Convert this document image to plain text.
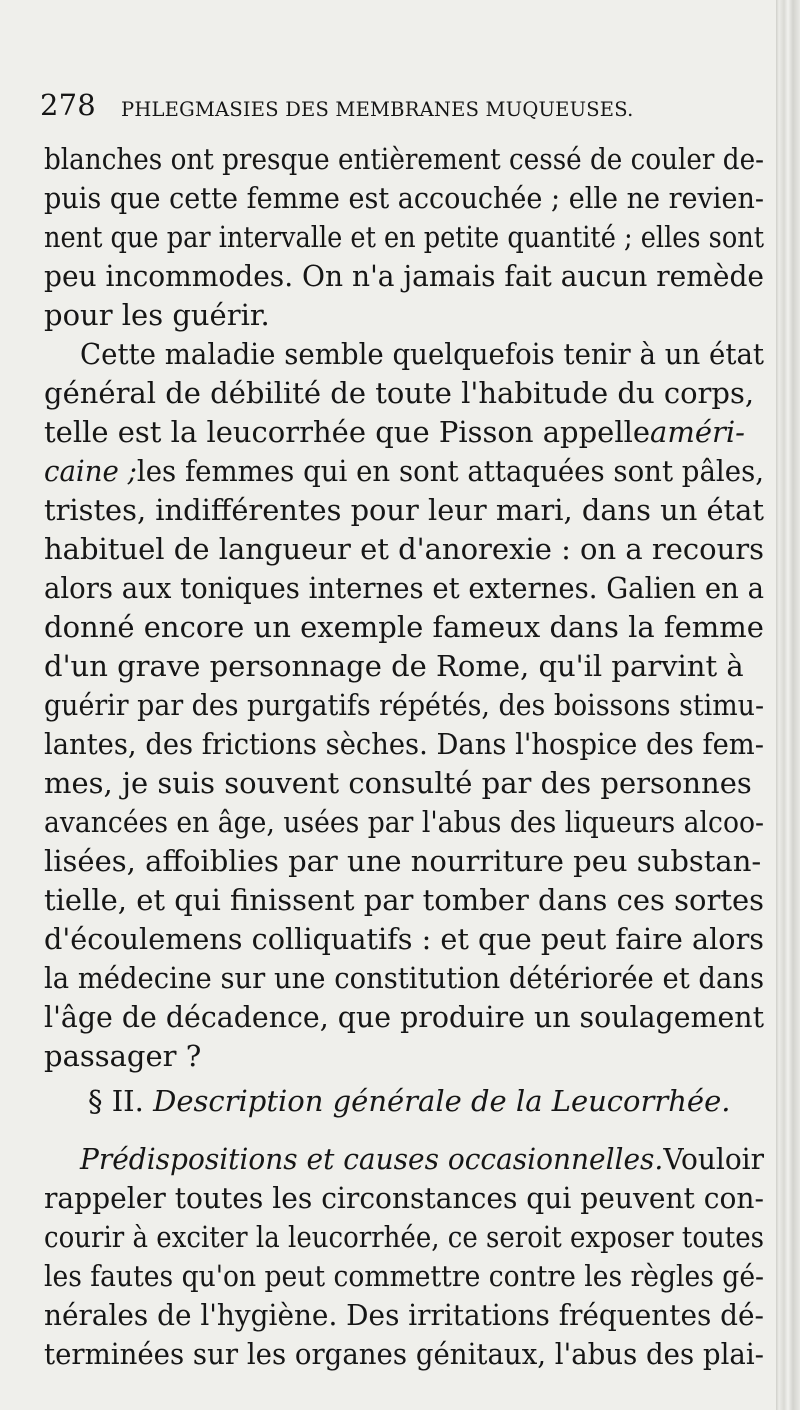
278 PHLEGMASIES DES MEMBRANES MUQUEUSES.
blanches ont presque entièrement cessé de couler de-
puis que cette femme est accouchée ; elle ne revien-
nent que par intervalle et en petite quantité ; elles sont
peu incommodes. On n'a jamais fait aucun remède
pour les guérir.
Cette maladie semble quelquefois tenir à un état
général de débilité de toute l'habitude du corps,
telle est la leucorrhée que Pisson appelleaméri-
caine ;les femmes qui en sont attaquées sont pâles,
tristes, indifférentes pour leur mari, dans un état
habituel de langueur et d'anorexie : on a recours
alors aux toniques internes et externes. Galien en a
donné encore un exemple fameux dans la femme
d'un grave personnage de Rome, qu'il parvint à
guérir par des purgatifs répétés, des boissons stimu-
lantes, des frictions sèches. Dans l'hospice des fem-
mes, je suis souvent consulté par des personnes
avancées en âge, usées par l'abus des liqueurs alcoo-
lisées, affoiblies par une nourriture peu substan-
tielle, et qui finissent par tomber dans ces sortes
d'écoulemens colliquatifs : et que peut faire alors
la médecine sur une constitution détériorée et dans
l'âge de décadence, que produire un soulagement
passager ?
§ II. Description générale de la Leucorrhée.
Prédispositions et causes occasionnelles.Vouloir
rappeler toutes les circonstances qui peuvent con-
courir à exciter la leucorrhée, ce seroit exposer toutes
les fautes qu'on peut commettre contre les règles gé-
nérales de l'hygiène. Des irritations fréquentes dé-
terminées sur les organes génitaux, l'abus des plai-
